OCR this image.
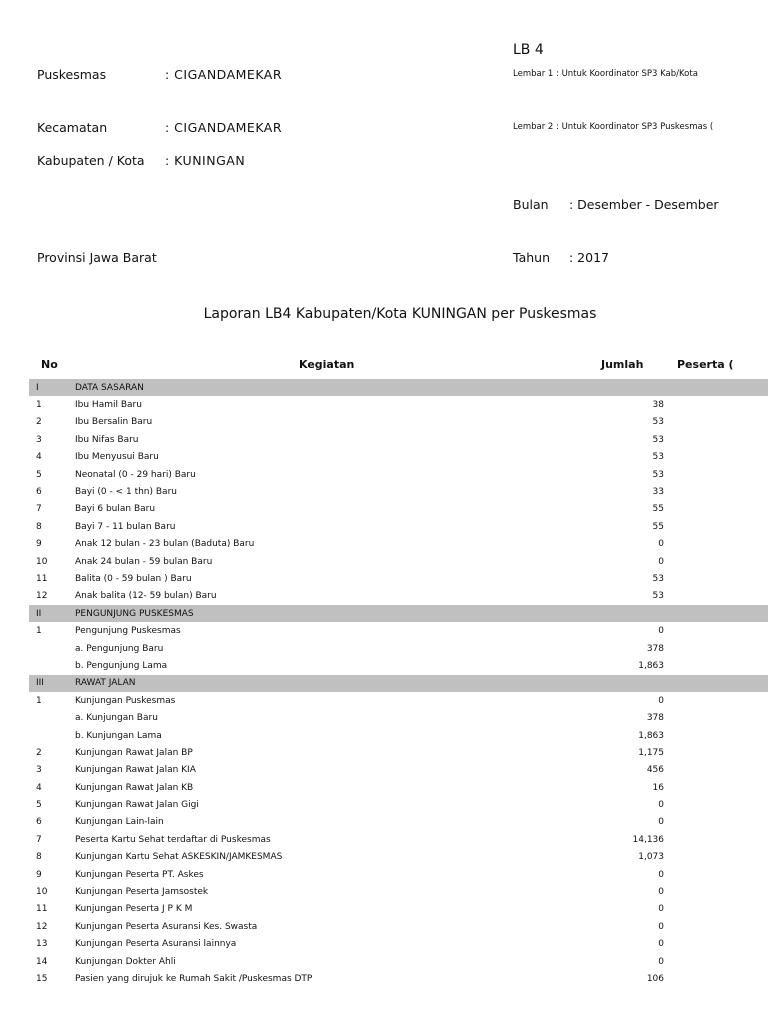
LB 4
Puskesmas	: CIGANDAMEKAR	Lembar 1 : Untuk Koordinator SP3 Kab/Kota
Kecamatan	: CIGANDAMEKAR	Lembar 2 : Untuk Koordinator SP3 Puskesmas (
Kabupaten / Kota : KUNINGAN
Bulan : Desember - Desember
Provinsi Jawa Barat	Tahun : 2017
Laporan LB4 Kabupaten/Kota KUNINGAN per Puskesmas
No	Kegiatan	Jumlah	Peserta (
I	DATA SASARAN		
1	Ibu Hamil Baru	38	
2	Ibu Bersalin Baru	53	
3	Ibu Nifas Baru	53	
4	Ibu Menyusui Baru	53	
5	Neonatal (0 - 29 hari) Baru	53	
6	Bayi (0 - < 1 thn) Baru	33	
7	Bayi 6 bulan Baru	55	
8	Bayi 7 - 11 bulan Baru	55	
9	Anak 12 bulan - 23 bulan (Baduta) Baru	0	
10	Anak 24 bulan - 59 bulan Baru	0	
11	Balita (0 - 59 bulan ) Baru	53	
12	Anak balita (12- 59 bulan) Baru	53	
II	PENGUNJUNG PUSKESMAS		
1	Pengunjung Puskesmas	0	
	a. Pengunjung Baru	378	
	b. Pengunjung Lama	1,863	
III	RAWAT JALAN		
1	Kunjungan Puskesmas	0	
	a. Kunjungan Baru	378	
	b. Kunjungan Lama	1,863	
2	Kunjungan Rawat Jalan BP	1,175	
3	Kunjungan Rawat Jalan KIA	456	
4	Kunjungan Rawat Jalan KB	16	
5	Kunjungan Rawat Jalan Gigi	0	
6	Kunjungan Lain-lain	0	
7	Peserta Kartu Sehat terdaftar di Puskesmas	14,136	
8	Kunjungan Kartu Sehat ASKESKIN/JAMKESMAS	1,073	
9	Kunjungan Peserta PT. Askes	0	
10	Kunjungan Peserta Jamsostek	0	
11	Kunjungan Peserta J P K M	0	
12	Kunjungan Peserta Asuransi Kes. Swasta	0	
13	Kunjungan Peserta Asuransi lainnya	0	
14	Kunjungan Dokter Ahli	0	
15	Pasien yang dirujuk ke Rumah Sakit /Puskesmas DTP	106	
